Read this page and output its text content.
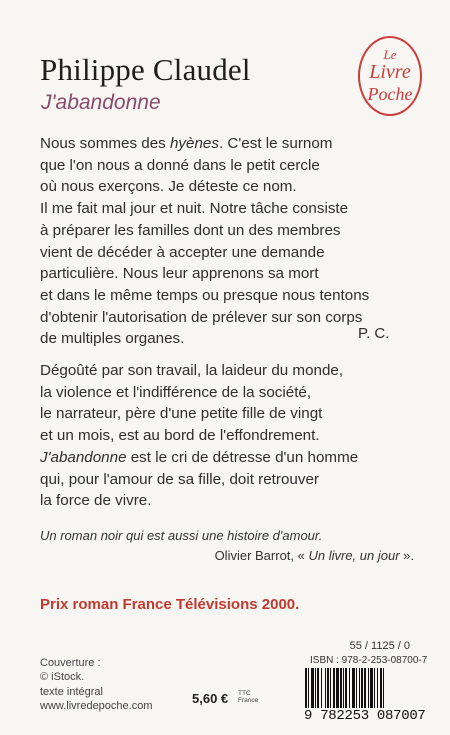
Philippe Claudel
J'abandonne
Le
Livre
Poche
Nous sommes des hyènes. C'est le surnom
que l'on nous a donné dans le petit cercle
où nous exerçons. Je déteste ce nom.
Il me fait mal jour et nuit. Notre tâche consiste
à préparer les familles dont un des membres
vient de décéder à accepter une demande
particulière. Nous leur apprenons sa mort
et dans le même temps ou presque nous tentons
d'obtenir l'autorisation de prélever sur son corps
de multiples organes.	P. C.
Dégoûté par son travail, la laideur du monde,
la violence et l'indifférence de la société,
le narrateur, père d'une petite fille de vingt
et un mois, est au bord de l'effondrement.
J'abandonne est le cri de détresse d'un homme
qui, pour l'amour de sa fille, doit retrouver
la force de vivre.
Un roman noir qui est aussi une histoire d'amour.
Olivier Barrot, « Un livre, un jour ».
Prix roman France Télévisions 2000.
Couverture :
© iStock.
texte intégral
www.livredepoche.com	5,60 € TTC
France
55 / 1125 / 0
ISBN : 978-2-253-08700-7
9 782253 087007
